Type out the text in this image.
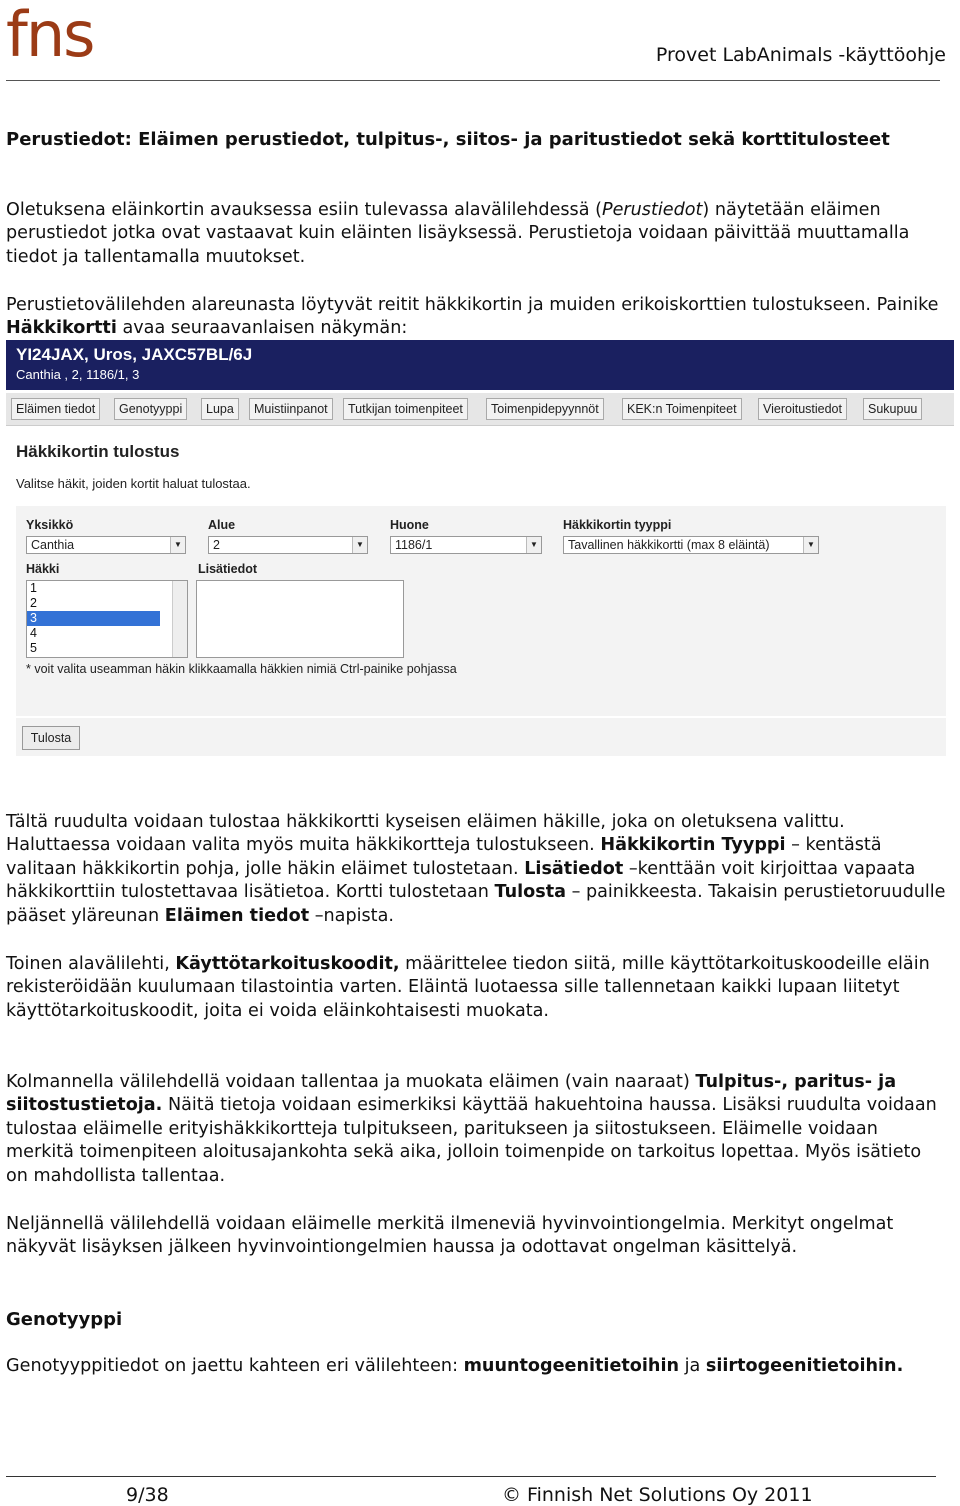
fns	Provet LabAnimals -käyttöohje
Perustiedot: Eläimen perustiedot, tulpitus-, siitos- ja paritustiedot sekä korttitulosteet

Oletuksena eläinkortin avauksessa esiin tulevassa alavälilehdessä (Perustiedot) näytetään eläimen perustiedot jotka ovat vastaavat kuin eläinten lisäyksessä. Perustietoja voidaan päivittää muuttamalla tiedot ja tallentamalla muutokset.

Perustietovälilehden alareunasta löytyvät reitit häkkikortin ja muiden erikoiskorttien tulostukseen. Painike Häkkikortti avaa seuraavanlaisen näkymän:

YI24JAX, Uros, JAXC57BL/6J
Canthia , 2, 1186/1, 3
Eläimen tiedot	Genotyyppi	Lupa	Muistiinpanot	Tutkijan toimenpiteet	Toimenpidepyynnöt	KEK:n Toimenpiteet	Vieroitustiedot	Sukupuu
Häkkikortin tulostus
Valitse häkit, joiden kortit haluat tulostaa.
Yksikkö
Canthia	▼
Alue
2	▼
Huone
1186/1	▼
Häkkikortin tyyppi
Tavallinen häkkikortti (max 8 eläintä)	▼
Häkki	Lisätiedot
1
2
3
4
5
* voit valita useamman häkin klikkaamalla häkkien nimiä Ctrl-painike pohjassa
Tulosta

Tältä ruudulta voidaan tulostaa häkkikortti kyseisen eläimen häkille, joka on oletuksena valittu. Haluttaessa voidaan valita myös muita häkkikortteja tulostukseen. Häkkikortin Tyyppi – kentästä valitaan häkkikortin pohja, jolle häkin eläimet tulostetaan. Lisätiedot –kenttään voit kirjoittaa vapaata häkkikorttiin tulostettavaa lisätietoa. Kortti tulostetaan Tulosta – painikkeesta. Takaisin perustietoruudulle pääset yläreunan Eläimen tiedot –napista.

Toinen alavälilehti, Käyttötarkoituskoodit, määrittelee tiedon siitä, mille käyttötarkoituskoodeille eläin rekisteröidään kuulumaan tilastointia varten. Eläintä luotaessa sille tallennetaan kaikki lupaan liitetyt käyttötarkoituskoodit, joita ei voida eläinkohtaisesti muokata.

Kolmannella välilehdellä voidaan tallentaa ja muokata eläimen (vain naaraat) Tulpitus-, paritus- ja siitostustietoja. Näitä tietoja voidaan esimerkiksi käyttää hakuehtoina haussa. Lisäksi ruudulta voidaan tulostaa eläimelle erityishäkkikortteja tulpitukseen, paritukseen ja siitostukseen. Eläimelle voidaan merkitä toimenpiteen aloitusajankohta sekä aika, jolloin toimenpide on tarkoitus lopettaa. Myös isätieto on mahdollista tallentaa.

Neljännellä välilehdellä voidaan eläimelle merkitä ilmeneviä hyvinvointiongelmia. Merkityt ongelmat näkyvät lisäyksen jälkeen hyvinvointiongelmien haussa ja odottavat ongelman käsittelyä.

Genotyyppi

Genotyyppitiedot on jaettu kahteen eri välilehteen: muuntogeenitietoihin ja siirtogeenitietoihin.

9/38	© Finnish Net Solutions Oy 2011
